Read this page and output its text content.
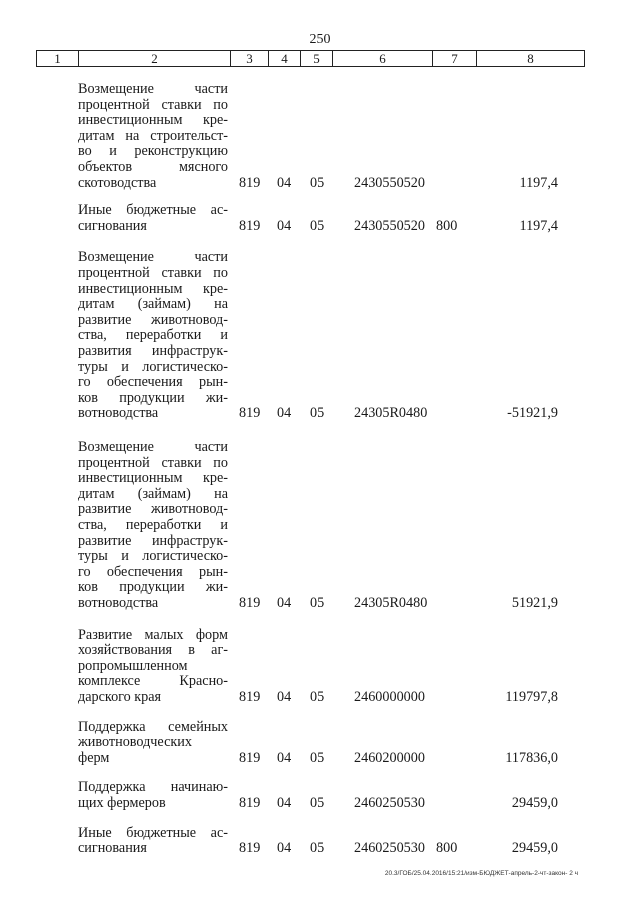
250
1	2	3	4	5	6	7	8
Возмещение части
процентной ставки по
инвестиционным кре-
дитам на строительст-
во и реконструкцию
объектов мясного
скотоводства	819 04 05 2430550520	1197,4
Иные бюджетные ас-
сигнования	819 04 05 2430550520 800	1197,4
Возмещение части
процентной ставки по
инвестиционным кре-
дитам (займам) на
развитие животновод-
ства, переработки и
развития инфраструк-
туры и логистическо-
го обеспечения рын-
ков продукции жи-
вотноводства	819 04 05 24305R0480	-51921,9
Возмещение части
процентной ставки по
инвестиционным кре-
дитам (займам) на
развитие животновод-
ства, переработки и
развитие инфраструк-
туры и логистическо-
го обеспечения рын-
ков продукции жи-
вотноводства	819 04 05 24305R0480	51921,9
Развитие малых форм
хозяйствования в аг-
ропромышленном
комплексе Красно-
дарского края	819 04 05 2460000000	119797,8
Поддержка семейных
животноводческих
ферм	819 04 05 2460200000	117836,0
Поддержка начинаю-
щих фермеров	819 04 05 2460250530	29459,0
Иные бюджетные ас-
сигнования	819 04 05 2460250530 800	29459,0
20.3/ГОБ/25.04.2016/15:21/изм-БЮДЖЕТ-апрель-2-чт-закон- 2 ч
